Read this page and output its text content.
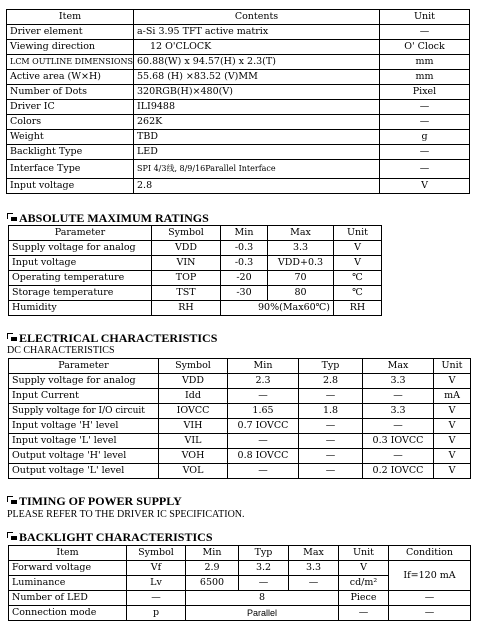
Item	Contents	Unit
Driver element	a-Si 3.95 TFT active matrix	—
Viewing direction	12 O'CLOCK	O' Clock
LCM OUTLINE DIMENSIONS	60.88(W) x 94.57(H) x 2.3(T)	mm
Active area (W×H)	55.68 (H) ×83.52 (V)MM	mm
Number of Dots	320RGB(H)×480(V)	Pixel
Driver IC	ILI9488	—
Colors	262K	—
Weight	TBD	g
Backlight Type	LED	—
Interface Type	SPI 4/3线, 8/9/16Parallel Interface	—
Input voltage	2.8	V
ABSOLUTE MAXIMUM RATINGS
Parameter	Symbol	Min	Max	Unit
Supply voltage for analog	VDD	-0.3	3.3	V
Input voltage	VIN	-0.3	VDD+0.3	V
Operating temperature	TOP	-20	70	℃
Storage temperature	TST	-30	80	℃
Humidity	RH	90%(Max60℃)		RH
ELECTRICAL CHARACTERISTICS
DC CHARACTERISTICS
Parameter	Symbol	Min	Typ	Max	Unit
Supply voltage for analog	VDD	2.3	2.8	3.3	V
Input Current	Idd	—	—	—	mA
Supply voltage for I/O circuit	IOVCC	1.65	1.8	3.3	V
Input voltage 'H' level	VIH	0.7 IOVCC	—	—	V
Input voltage 'L' level	VIL	—	—	0.3 IOVCC	V
Output voltage 'H' level	VOH	0.8 IOVCC	—	—	V
Output voltage 'L' level	VOL	—	—	0.2 IOVCC	V
TIMING OF POWER SUPPLY
PLEASE REFER TO THE DRIVER IC SPECIFICATION.
BACKLIGHT CHARACTERISTICS
Item	Symbol	Min	Typ	Max	Unit	Condition
Forward voltage	Vf	2.9	3.2	3.3	V	If=120 mA
Luminance	Lv	6500	—	—	cd/m²	
Number of LED	—	8			Piece	—
Connection mode	p	Parallel			—	—
